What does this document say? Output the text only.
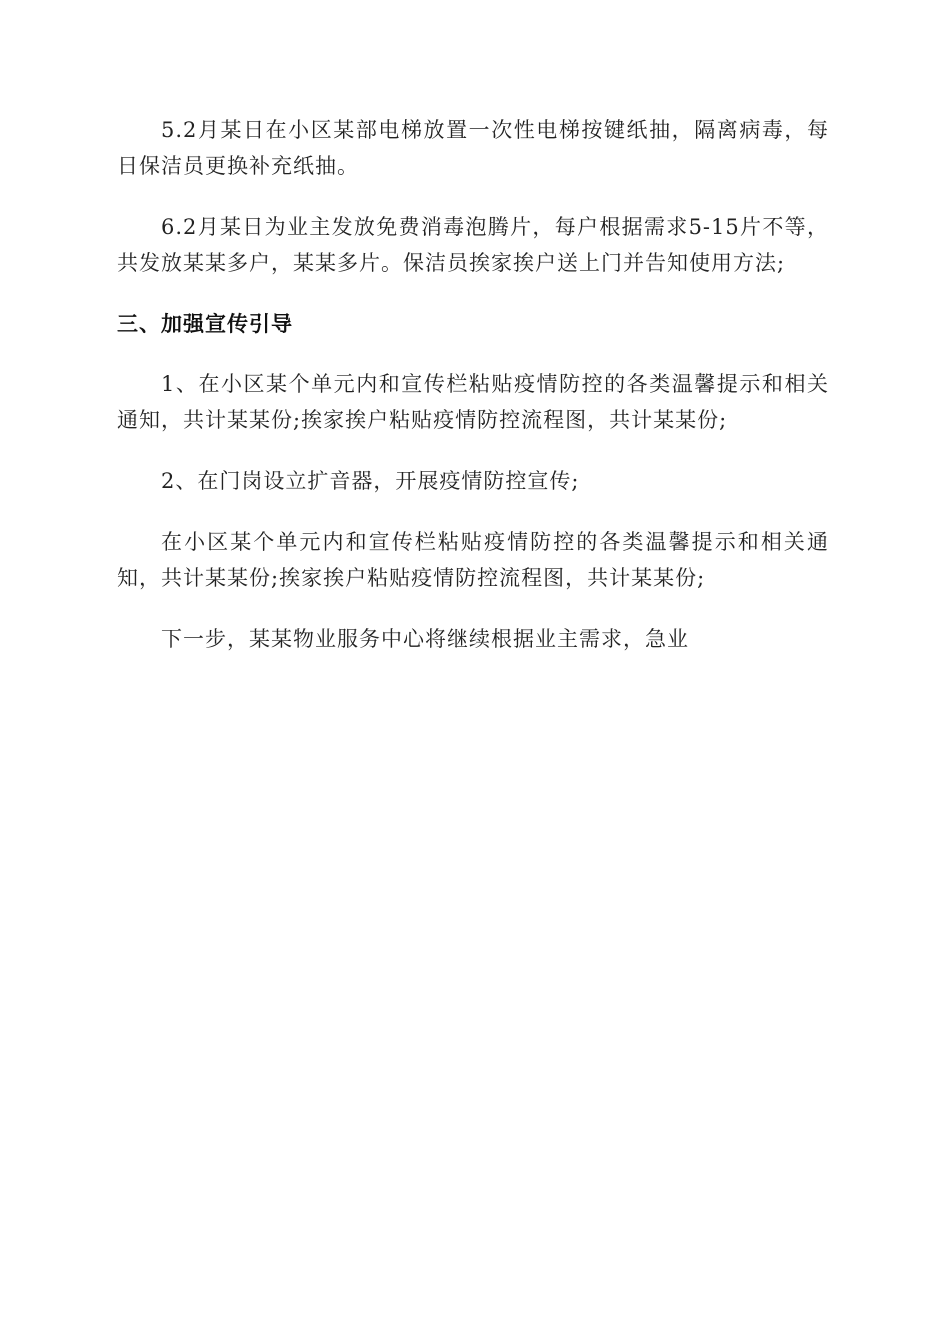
5.2月某日在小区某部电梯放置一次性电梯按键纸抽，隔离病毒，每日保洁员更换补充纸抽。

6.2月某日为业主发放免费消毒泡腾片，每户根据需求5-15片不等，共发放某某多户，某某多片。保洁员挨家挨户送上门并告知使用方法;

三、加强宣传引导

1、在小区某个单元内和宣传栏粘贴疫情防控的各类温馨提示和相关通知，共计某某份;挨家挨户粘贴疫情防控流程图，共计某某份;

2、在门岗设立扩音器，开展疫情防控宣传;

在小区某个单元内和宣传栏粘贴疫情防控的各类温馨提示和相关通知，共计某某份;挨家挨户粘贴疫情防控流程图，共计某某份;

下一步，某某物业服务中心将继续根据业主需求，急业
